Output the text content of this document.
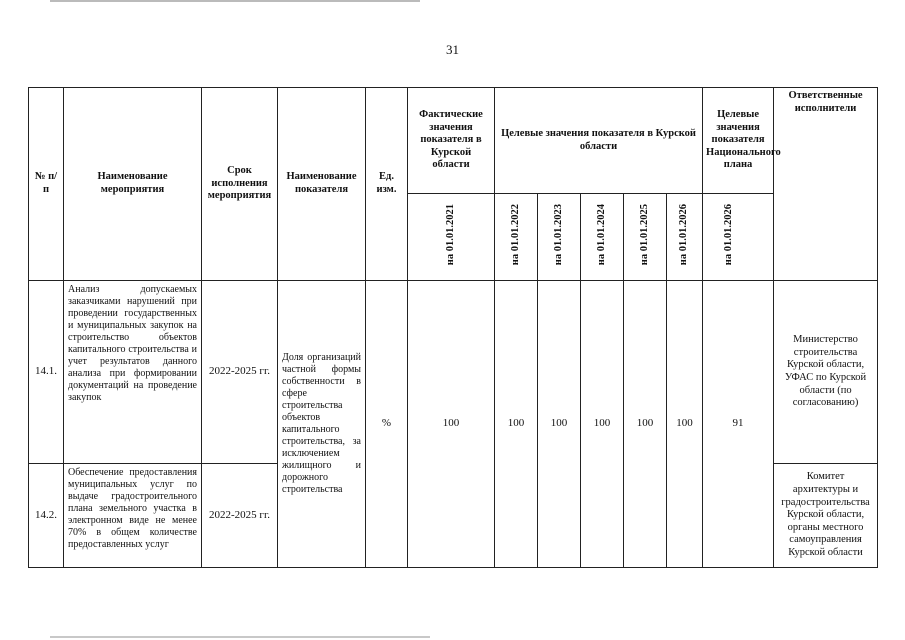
31
№ п/п	Наименование мероприятия	Срок исполнения мероприятия	Наименование показателя	Ед. изм.	Фактические значения показателя в Курской области	Целевые значения показателя в Курской области					Целевые значения показателя Национального плана	Ответственные исполнители
					на 01.01.2021	на 01.01.2022	на 01.01.2023	на 01.01.2024	на 01.01.2025	на 01.01.2026	на 01.01.2026	
14.1.	Анализ допускаемых заказчиками нарушений при проведении государственных и муниципальных закупок на строительство объектов капитального строительства и учет результатов данного анализа при формировании документаций на проведение закупок	2022-2025 гг.	Доля организаций частной формы собственности в сфере строительства объектов капитального строительства, за исключением жилищного и дорожного строительства	%	100	100	100	100	100	100	91	Министерство строительства Курской области, УФАС по Курской области (по согласованию)
14.2.	Обеспечение предоставления муниципальных услуг по выдаче градостроительного плана земельного участка в электронном виде не менее 70% в общем количестве предоставленных услуг	2022-2025 гг.										Комитет архитектуры и градостроительства Курской области, органы местного самоуправления Курской области
